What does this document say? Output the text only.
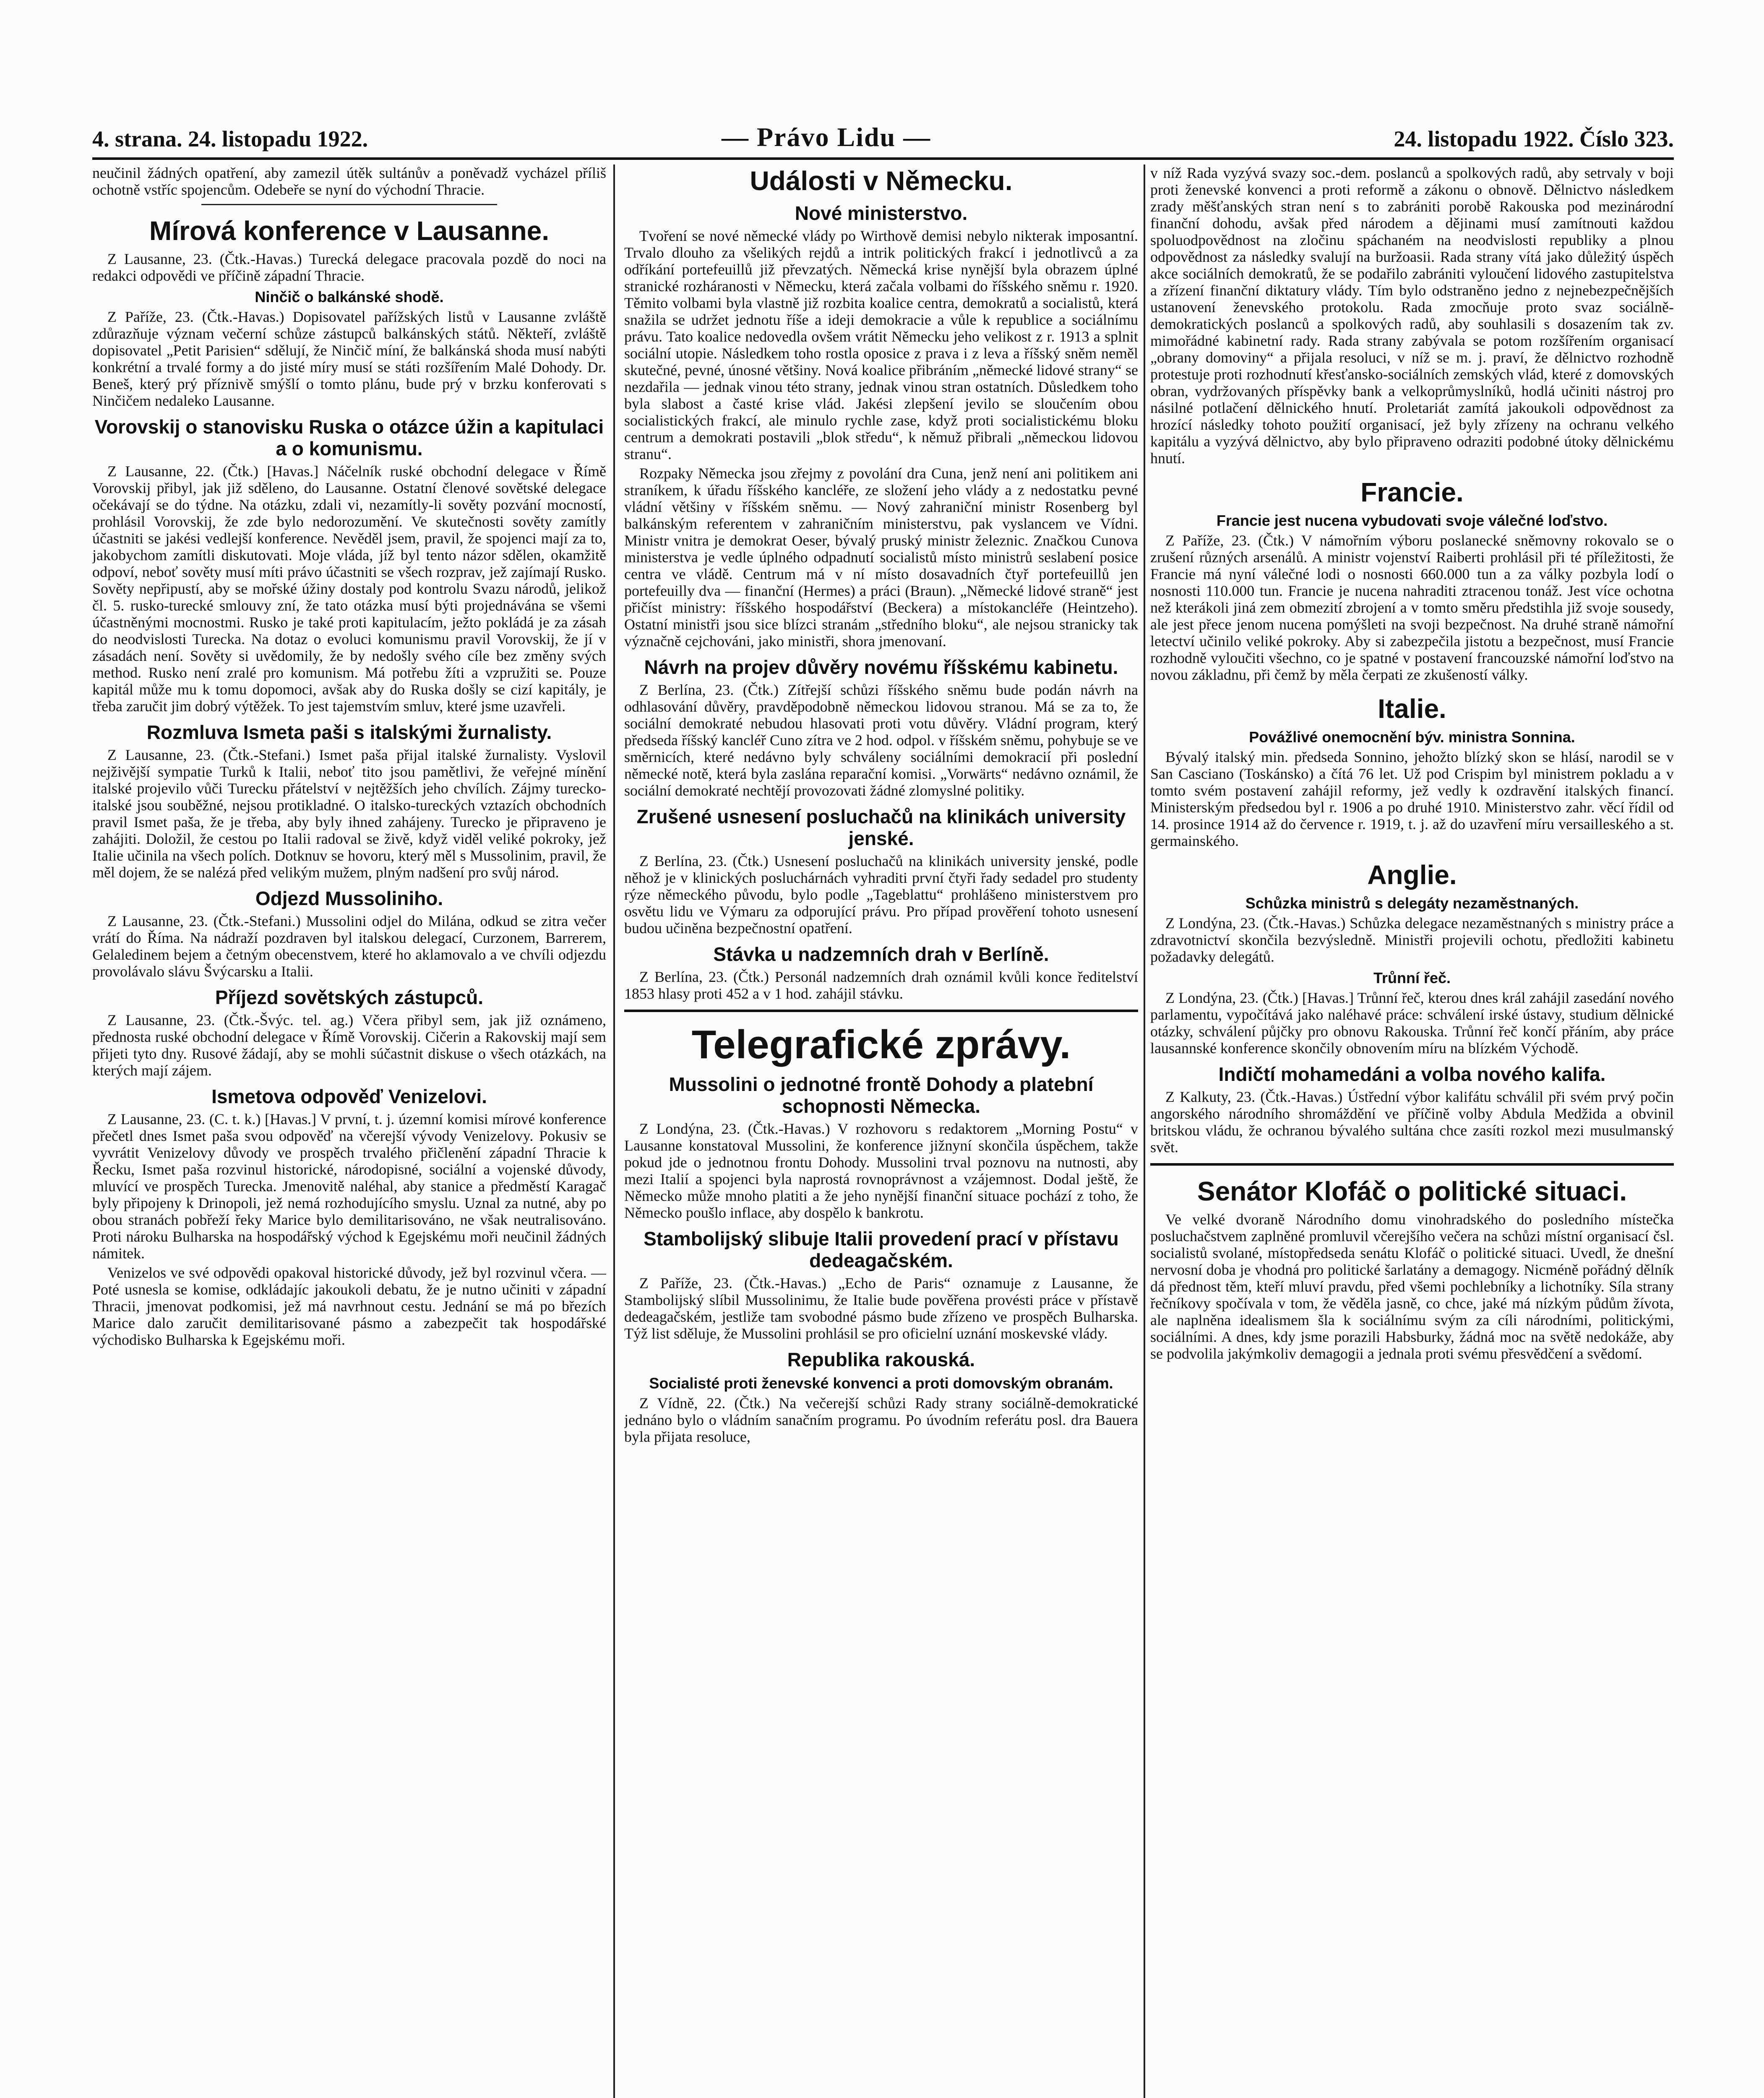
4. strana. 24. listopadu 1922.	— Právo Lidu —	24. listopadu 1922. Číslo 323.

neučinil žádných opatření, aby zamezil útěk sultánův a poněvadž vycházel příliš ochotně vstříc spojencům. Odebeře se nyní do východní Thracie.

Mírová konference v Lausanne.

Z Lausanne, 23. (Čtk.-Havas.) Turecká delegace pracovala pozdě do noci na redakci odpovědi ve příčině západní Thracie.

Ninčič o balkánské shodě.

Z Paříže, 23. (Čtk.-Havas.) Dopisovatel pařížských listů v Lausanne zvláště zdůrazňuje význam večerní schůze zástupců balkánských států. Někteří, zvláště dopisovatel „Petit Parisien“ sdělují, že Ninčič míní, že balkánská shoda musí nabýti konkrétní a trvalé formy a do jisté míry musí se státi rozšířením Malé Dohody. Dr. Beneš, který prý příznivě smýšlí o tomto plánu, bude prý v brzku konferovati s Ninčičem nedaleko Lausanne.

Vorovskij o stanovisku Ruska o otázce úžin a kapitulaci a o komunismu.

Z Lausanne, 22. (Čtk.) [Havas.] Náčelník ruské obchodní delegace v Římě Vorovskij přibyl, jak již sděleno, do Lausanne. Ostatní členové sovětské delegace očekávají se do týdne. Na otázku, zdali vi, nezamítly-li sověty pozvání mocností, prohlásil Vorovskij, že zde bylo nedorozumění. Ve skutečnosti sověty zamítly účastniti se jakési vedlejší konference. Nevěděl jsem, pravil, že spojenci mají za to, jakobychom zamítli diskutovati. Moje vláda, jíž byl tento názor sdělen, okamžitě odpoví, neboť sověty musí míti právo účastniti se všech rozprav, jež zajímají Rusko. Sověty nepřipustí, aby se mořské úžiny dostaly pod kontrolu Svazu národů, jelikož čl. 5. rusko-turecké smlouvy zní, že tato otázka musí býti projednávána se všemi účastněnými mocnostmi. Rusko je také proti kapitulacím, ježto pokládá je za zásah do neodvislosti Turecka. Na dotaz o evoluci komunismu pravil Vorovskij, že jí v zásadách není. Sověty si uvědomily, že by nedošly svého cíle bez změny svých method. Rusko není zralé pro komunism. Má potřebu žíti a vzpružiti se. Pouze kapitál může mu k tomu dopomoci, avšak aby do Ruska došly se cizí kapitály, je třeba zaručit jim dobrý výtěžek. To jest tajemstvím smluv, které jsme uzavřeli.

Rozmluva Ismeta paši s italskými žurnalisty.

Z Lausanne, 23. (Čtk.-Stefani.) Ismet paša přijal italské žurnalisty. Vyslovil nejživější sympatie Turků k Italii, neboť tito jsou pamětlivi, že veřejné mínění italské projevilo vůči Turecku přátelství v nejtěžších jeho chvílích. Zájmy turecko-italské jsou souběžné, nejsou protikladné. O italsko-tureckých vztazích obchodních pravil Ismet paša, že je třeba, aby byly ihned zahájeny. Turecko je připraveno je zahájiti. Doložil, že cestou po Italii radoval se živě, když viděl veliké pokroky, jež Italie učinila na všech polích. Dotknuv se hovoru, který měl s Mussolinim, pravil, že měl dojem, že se nalézá před velikým mužem, plným nadšení pro svůj národ.

Odjezd Mussoliniho.

Z Lausanne, 23. (Čtk.-Stefani.) Mussolini odjel do Milána, odkud se zitra večer vrátí do Říma. Na nádraží pozdraven byl italskou delegací, Curzonem, Barrerem, Gelaledinem bejem a četným obecenstvem, které ho aklamovalo a ve chvíli odjezdu provolávalo slávu Švýcarsku a Italii.

Příjezd sovětských zástupců.

Z Lausanne, 23. (Čtk.-Švýc. tel. ag.) Včera přibyl sem, jak již oznámeno, přednosta ruské obchodní delegace v Římě Vorovskij. Cičerin a Rakovskij mají sem přijeti tyto dny. Rusové žádají, aby se mohli súčastnit diskuse o všech otázkách, na kterých mají zájem.

Ismetova odpověď Venizelovi.

Z Lausanne, 23. (C. t. k.) [Havas.] V první, t. j. územní komisi mírové konference přečetl dnes Ismet paša svou odpověď na včerejší vývody Venizelovy. Pokusiv se vyvrátit Venizelovy důvody ve prospěch trvalého přičlenění západní Thracie k Řecku, Ismet paša rozvinul historické, národopisné, sociální a vojenské důvody, mluvící ve prospěch Turecka. Jmenovitě naléhal, aby stanice a předměstí Karagač byly připojeny k Drinopoli, jež nemá rozhodujícího smyslu. Uznal za nutné, aby po obou stranách pobřeží řeky Marice bylo demilitarisováno, ne však neutralisováno. Proti nároku Bulharska na hospodářský východ k Egejskému moři neučinil žádných námitek.

Venizelos ve své odpovědi opakoval historické důvody, jež byl rozvinul včera. — Poté usnesla se komise, odkládajíc jakoukoli debatu, že je nutno učiniti v západní Thracii, jmenovat podkomisi, jež má navrhnout cestu. Jednání se má po březích Marice dalo zaručit demilitarisované pásmo a zabezpečit tak hospodářské východisko Bulharska k Egejskému moři.

Události v Německu.
Nové ministerstvo.

Tvoření se nové německé vlády po Wirthově demisi nebylo nikterak imposantní. Trvalo dlouho za všelikých rejdů a intrik politických frakcí i jednotlivců a za odříkání portefeuillů již převzatých. Německá krise nynější byla obrazem úplné stranické rozháranosti v Německu, která začala volbami do říšského sněmu r. 1920. Těmito volbami byla vlastně již rozbita koalice centra, demokratů a socialistů, která snažila se udržet jednotu říše a ideji demokracie a vůle k republice a sociálnímu právu. Tato koalice nedovedla ovšem vrátit Německu jeho velikost z r. 1913 a splnit sociální utopie. Následkem toho rostla oposice z prava i z leva a říšský sněm neměl skutečné, pevné, únosné většiny. Nová koalice přibráním „německé lidové strany“ se nezdařila — jednak vinou této strany, jednak vinou stran ostatních. Důsledkem toho byla slabost a časté krise vlád. Jakési zlepšení jevilo se sloučením obou socialistických frakcí, ale minulo rychle zase, když proti socialistickému bloku centrum a demokrati postavili „blok středu“, k němuž přibrali „německou lidovou stranu“.

Rozpaky Německa jsou zřejmy z povolání dra Cuna, jenž není ani politikem ani straníkem, k úřadu říšského kancléře, ze složení jeho vlády a z nedostatku pevné vládní většiny v říšském sněmu. — Nový zahraniční ministr Rosenberg byl balkánským referentem v zahraničním ministerstvu, pak vyslancem ve Vídni. Ministr vnitra je demokrat Oeser, bývalý pruský ministr železnic. Značkou Cunova ministerstva je vedle úplného odpadnutí socialistů místo ministrů seslabení posice centra ve vládě. Centrum má v ní místo dosavadních čtyř portefeuillů jen portefeuilly dva — finanční (Hermes) a práci (Braun). „Německé lidové straně“ jest přičíst ministry: říšského hospodářství (Beckera) a místokancléře (Heintzeho). Ostatní ministři jsou sice blízci stranám „středního bloku“, ale nejsou stranicky tak význačně cejchováni, jako ministři, shora jmenovaní.

Návrh na projev důvěry novému říšskému kabinetu.

Z Berlína, 23. (Čtk.) Zítřejší schůzi říšského sněmu bude podán návrh na odhlasování důvěry, pravděpodobně německou lidovou stranou. Má se za to, že sociální demokraté nebudou hlasovati proti votu důvěry. Vládní program, který předseda říšský kancléř Cuno zítra ve 2 hod. odpol. v říšském sněmu, pohybuje se ve směrnicích, které nedávno byly schváleny sociálními demokracií při poslední německé notě, která byla zaslána reparační komisi. „Vorwärts“ nedávno oznámil, že sociální demokraté nechtějí provozovati žádné zlomyslné politiky.

Zrušené usnesení posluchačů na klinikách university jenské.

Z Berlína, 23. (Čtk.) Usnesení posluchačů na klinikách university jenské, podle něhož je v klinických posluchárnách vyhraditi první čtyři řady sedadel pro studenty rýze německého původu, bylo podle „Tageblattu“ prohlášeno ministerstvem pro osvětu lidu ve Výmaru za odporující právu. Pro případ prověření tohoto usnesení budou učiněna bezpečnostní opatření.

Stávka u nadzemních drah v Berlíně.

Z Berlína, 23. (Čtk.) Personál nadzemních drah oznámil kvůli konce ředitelství 1853 hlasy proti 452 a v 1 hod. zahájil stávku.

Telegrafické zprávy.
Mussolini o jednotné frontě Dohody a platební schopnosti Německa.

Z Londýna, 23. (Čtk.-Havas.) V rozhovoru s redaktorem „Morning Postu“ v Lausanne konstatoval Mussolini, že konference jižnyní skončila úspěchem, takže pokud jde o jednotnou frontu Dohody. Mussolini trval poznovu na nutnosti, aby mezi Italií a spojenci byla naprostá rovnoprávnost a vzájemnost. Dodal ještě, že Německo může mnoho platiti a že jeho nynější finanční situace pochází z toho, že Německo poušlo inflace, aby dospělo k bankrotu.

Stambolijský slibuje Italii provedení prací v přístavu dedeagačském.

Z Paříže, 23. (Čtk.-Havas.) „Echo de Paris“ oznamuje z Lausanne, že Stambolijský slíbil Mussolinimu, že Italie bude pověřena provésti práce v přístavě dedeagačském, jestliže tam svobodné pásmo bude zřízeno ve prospěch Bulharska. Týž list sděluje, že Mussolini prohlásil se pro oficielní uznání moskevské vlády.

Republika rakouská.
Socialisté proti ženevské konvenci a proti domovským obranám.

Z Vídně, 22. (Čtk.) Na večerejší schůzi Rady strany sociálně-demokratické jednáno bylo o vládním sanačním programu. Po úvodním referátu posl. dra Bauera byla přijata resoluce,

v níž Rada vyzývá svazy soc.-dem. poslanců a spolkových radů, aby setrvaly v boji proti ženevské konvenci a proti reformě a zákonu o obnově. Dělnictvo následkem zrady měšťanských stran není s to zabrániti porobě Rakouska pod mezinárodní finanční dohodu, avšak před národem a dějinami musí zamítnouti každou spoluodpovědnost na zločinu spáchaném na neodvislosti republiky a plnou odpovědnost za následky svalují na buržoasii. Rada strany vítá jako důležitý úspěch akce sociálních demokratů, že se podařilo zabrániti vyloučení lidového zastupitelstva a zřízení finanční diktatury vlády. Tím bylo odstraněno jedno z nejnebezpečnějších ustanovení ženevského protokolu. Rada zmocňuje proto svaz sociálně-demokratických poslanců a spolkových radů, aby souhlasili s dosazením tak zv. mimořádné kabinetní rady. Rada strany zabývala se potom rozšířením organisací „obrany domoviny“ a přijala resoluci, v níž se m. j. praví, že dělnictvo rozhodně protestuje proti rozhodnutí křesťansko-sociálních zemských vlád, které z domovských obran, vydržovaných příspěvky bank a velkoprůmyslníků, hodlá učiniti nástroj pro násilné potlačení dělnického hnutí. Proletariát zamítá jakoukoli odpovědnost za hrozící následky tohoto použití organisací, jež byly zřízeny na ochranu velkého kapitálu a vyzývá dělnictvo, aby bylo připraveno odraziti podobné útoky dělnickému hnutí.

Francie.
Francie jest nucena vybudovati svoje válečné loďstvo.

Z Paříže, 23. (Čtk.) V námořním výboru poslanecké sněmovny rokovalo se o zrušení různých arsenálů. A ministr vojenství Raiberti prohlásil při té příležitosti, že Francie má nyní válečné lodi o nosnosti 660.000 tun a za války pozbyla lodí o nosnosti 110.000 tun. Francie je nucena nahraditi ztracenou tonáž. Jest více ochotna než kterákoli jiná zem obmezití zbrojení a v tomto směru předstihla již svoje sousedy, ale jest přece jenom nucena pomýšleti na svoji bezpečnost. Na druhé straně námořní letectví učinilo veliké pokroky. Aby si zabezpečila jistotu a bezpečnost, musí Francie rozhodně vyloučiti všechno, co je spatné v postavení francouzské námořní loďstvo na novou základnu, při čemž by měla čerpati ze zkušeností války.

Italie.
Povážlivé onemocnění býv. ministra Sonnina.

Bývalý italský min. předseda Sonnino, jehožto blízký skon se hlásí, narodil se v San Casciano (Toskánsko) a čítá 76 let. Už pod Crispim byl ministrem pokladu a v tomto svém postavení zahájil reformy, jež vedly k ozdravění italských financí. Ministerským předsedou byl r. 1906 a po druhé 1910. Ministerstvo zahr. věcí řídil od 14. prosince 1914 až do července r. 1919, t. j. až do uzavření míru versailleského a st. germainského.

Anglie.
Schůzka ministrů s delegáty nezaměstnaných.

Z Londýna, 23. (Čtk.-Havas.) Schůzka delegace nezaměstnaných s ministry práce a zdravotnictví skončila bezvýsledně. Ministři projevili ochotu, předložiti kabinetu požadavky delegátů.

Trůnní řeč.

Z Londýna, 23. (Čtk.) [Havas.] Trůnní řeč, kterou dnes král zahájil zasedání nového parlamentu, vypočítává jako naléhavé práce: schválení irské ústavy, studium dělnické otázky, schválení půjčky pro obnovu Rakouska. Trůnní řeč končí přáním, aby práce lausannské konference skončily obnovením míru na blízkém Východě.

Indičtí mohamedáni a volba nového kalifa.

Z Kalkuty, 23. (Čtk.-Havas.) Ústřední výbor kalifátu schválil při svém prvý počin angorského národního shromáždění ve příčině volby Abdula Medžida a obvinil britskou vládu, že ochranou bývalého sultána chce zasíti rozkol mezi musulmanský svět.

Senátor Klofáč o politické situaci.

Ve velké dvoraně Národního domu vinohradského do posledního místečka posluchačstvem zaplněné promluvil včerejšího večera na schůzi místní organisací čsl. socialistů svolané, místopředseda senátu Klofáč o politické situaci. Uvedl, že dnešní nervosní doba je vhodná pro politické šarlatány a demagogy. Nicméně pořádný dělník dá přednost těm, kteří mluví pravdu, před všemi pochlebníky a lichotníky. Síla strany řečníkovy spočívala v tom, že věděla jasně, co chce, jaké má nízkým půdům žívota, ale naplněna idealismem šla k sociálnímu svým za cíli národními, politickými, sociálními. A dnes, kdy jsme porazili Habsburky, žádná moc na světě nedokáže, aby se podvolila jakýmkoliv demagogii a jednala proti svému přesvědčení a svědomí.
